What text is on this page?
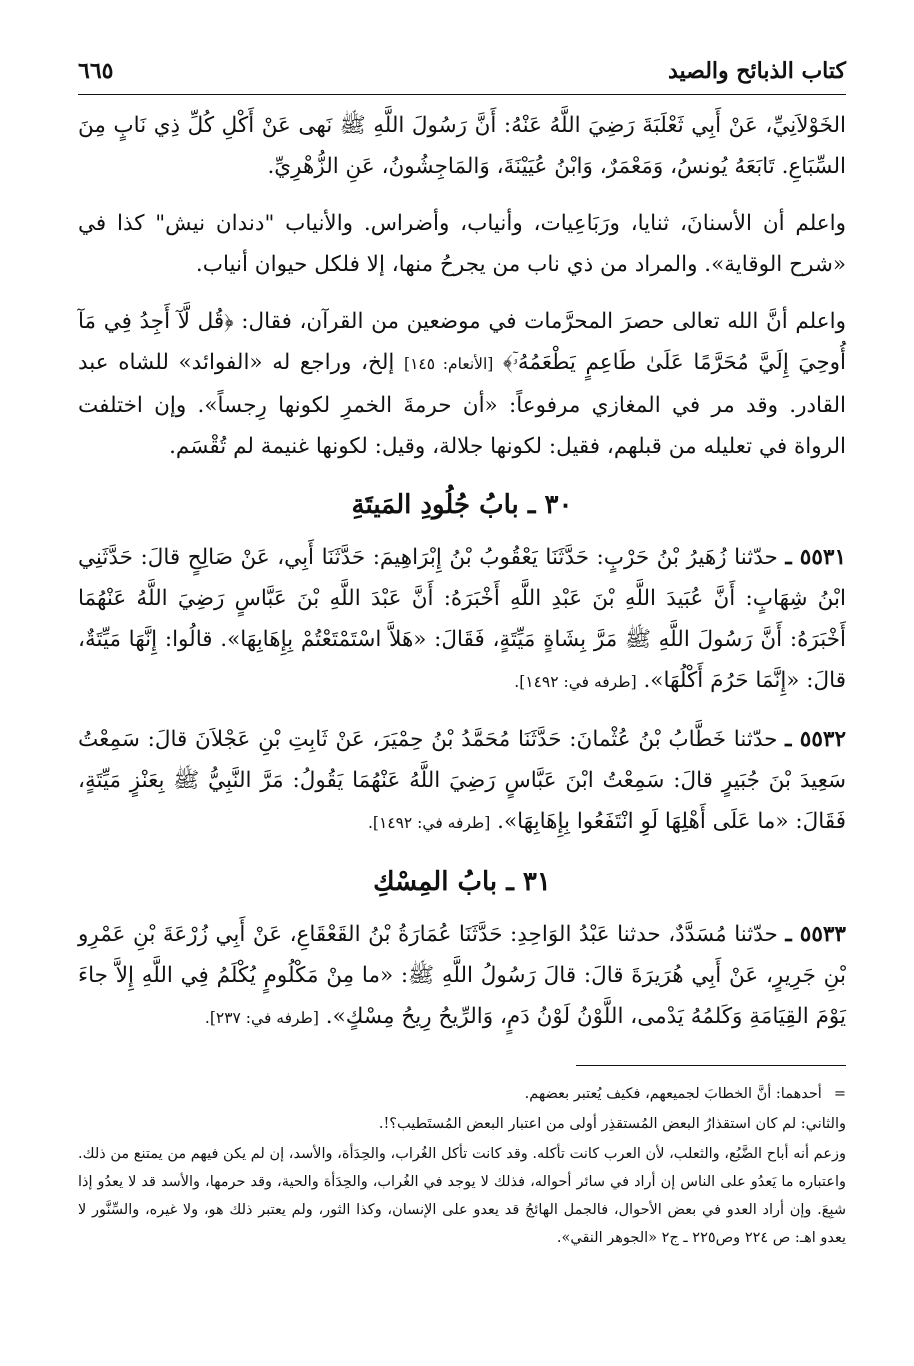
كتاب الذبائح والصيد
٦٦٥

الخَوْلاَنِيِّ، عَنْ أَبِي ثَعْلَبَةَ رَضِيَ اللَّهُ عَنْهُ: أَنَّ رَسُولَ اللَّهِ ﷺ نَهى عَنْ أَكْلِ كُلِّ ذِي نَابٍ مِنَ السِّبَاعِ. تَابَعَهُ يُونسُ، وَمَعْمَرٌ، وَابْنُ عُيَيْنَةَ، وَالمَاجِشُونُ، عَنِ الزُّهْرِيِّ.

واعلم أن الأسنانَ، ثنايا، ورَبَاعِيات، وأنياب، وأضراس. والأنياب "دندان نيش" كذا في «شرح الوقاية». والمراد من ذي ناب من يجرحُ منها، إلا فلكل حيوان أنياب.

واعلم أنَّ الله تعالى حصرَ المحرَّمات في موضعين من القرآن، فقال: ﴿قُل لَّآ أَجِدُ فِي مَآ أُوحِيَ إِلَيَّ مُحَرَّمًا عَلَىٰ طَاعِمٍ يَطْعَمُهُۥٓ﴾ [الأنعام: ١٤٥] إلخ، وراجع له «الفوائد» للشاه عبد القادر. وقد مر في المغازي مرفوعاً: «أن حرمةَ الخمرِ لكونها رِجساً». وإن اختلفت الرواة في تعليله من قبلهم، فقيل: لكونها جلالة، وقيل: لكونها غنيمة لم تُقْسَم.

٣٠ ـ بابُ جُلُودِ المَيتَةِ

٥٥٣١ ـ حدّثنا زُهَيرُ بْنُ حَرْبٍ: حَدَّثَنَا يَعْقُوبُ بْنُ إِبْرَاهِيمَ: حَدَّثَنَا أَبِي، عَنْ صَالِحٍ قالَ: حَدَّثَنِي ابْنُ شِهَابٍ: أَنَّ عُبَيدَ اللَّهِ بْنَ عَبْدِ اللَّهِ أَخْبَرَهُ: أَنَّ عَبْدَ اللَّهِ بْنَ عَبَّاسٍ رَضِيَ اللَّهُ عَنْهُمَا أَخْبَرَهُ: أَنَّ رَسُولَ اللَّهِ ﷺ مَرَّ بِشَاةٍ مَيِّتَةٍ، فَقَالَ: «هَلاَّ اسْتَمْتَعْتُمْ بِإِهَابِهَا». قالُوا: إِنَّهَا مَيِّتَةٌ، قالَ: «إِنَّمَا حَرُمَ أَكْلُهَا». [طرفه في: ١٤٩٢].

٥٥٣٢ ـ حدّثنا خَطَّابُ بْنُ عُثْمانَ: حَدَّثَنَا مُحَمَّدُ بْنُ حِمْيَرَ، عَنْ ثَابِتِ بْنِ عَجْلاَنَ قالَ: سَمِعْتُ سَعِيدَ بْنَ جُبَيرٍ قالَ: سَمِعْتُ ابْنَ عَبَّاسٍ رَضِيَ اللَّهُ عَنْهُمَا يَقُولُ: مَرَّ النَّبِيُّ ﷺ بِعَنْزٍ مَيِّتَةٍ، فَقَالَ: «ما عَلَى أَهْلِهَا لَوِ انْتَفَعُوا بِإِهَابِهَا». [طرفه في: ١٤٩٢].

٣١ ـ بابُ المِسْكِ

٥٥٣٣ ـ حدّثنا مُسَدَّدٌ، حدثنا عَبْدُ الوَاحِدِ: حَدَّثَنَا عُمَارَةُ بْنُ القَعْقَاعِ، عَنْ أَبِي زُرْعَةَ بْنِ عَمْرِو بْنِ جَرِيرٍ، عَنْ أَبِي هُرَيرَةَ قالَ: قالَ رَسُولُ اللَّهِ ﷺ: «ما مِنْ مَكْلُومٍ يُكْلَمُ فِي اللَّهِ إِلاَّ جاءَ يَوْمَ القِيَامَةِ وَكَلمُهُ يَدْمى، اللَّوْنُ لَوْنُ دَمٍ، وَالرِّيحُ رِيحُ مِسْكٍ». [طرفه في: ٢٣٧].

=أحدهما: أنَّ الخطابَ لجميعهم، فكيف يُعتبر بعضهم.

والثاني: لم كان استقذارُ البعض المُستقذِر أولى من اعتبار البعض المُستَطيب؟!.

وزعم أنه أباح الضَّبُع، والثعلب، لأن العرب كانت تأكله. وقد كانت تأكل الغُراب، والحِدَأة، والأسد، إن لم يكن فيهم من يمتنع من ذلك. واعتباره ما يَعدُو على الناس إن أراد في سائر أحواله، فذلك لا يوجد في الغُراب، والحِدَأة والحية، وقد حرمها، والأسد قد لا يعدُو إذا شبِعَ. وإن أراد العدو في بعض الأحوال، فالجمل الهائجُ قد يعدو على الإنسان، وكذا الثور، ولم يعتبر ذلك هو، ولا غيره، والسِّنَّور لا يعدو اهـ: ص ٢٢٤ وص٢٢٥ ـ ج٢ «الجوهر النقي».
